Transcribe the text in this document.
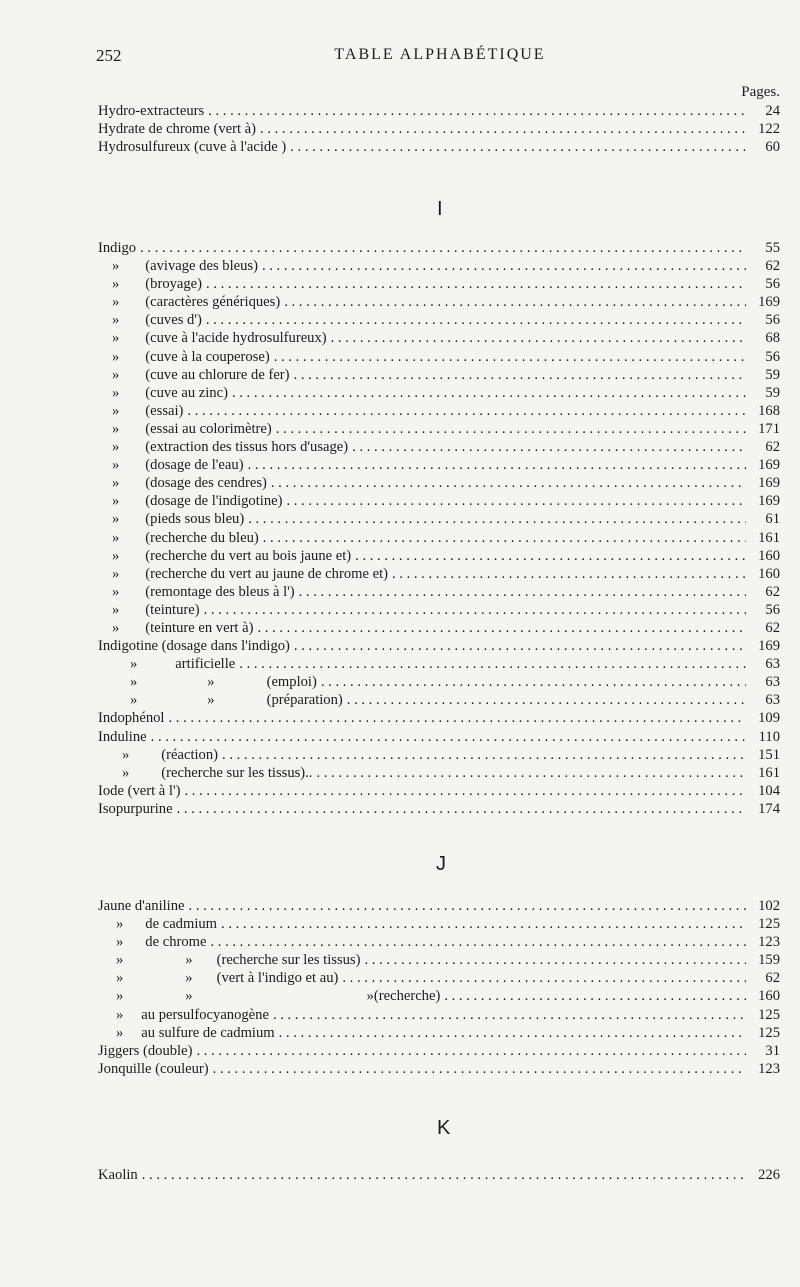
252	TABLE ALPHABÉTIQUE
Pages.
Hydro-extracteurs . . .	24
Hydrate de chrome (vert à) . . .	122
Hydrosulfureux (cuve à l'acide ) . . .	60
I
Indigo . . .	55
» (avivage des bleus) . . .	62
» (broyage) . . .	56
» (caractères génériques) . . .	169
» (cuves d') . . .	56
» (cuve à l'acide hydrosulfureux) . . .	68
» (cuve à la couperose) . . .	56
» (cuve au chlorure de fer) . . .	59
» (cuve au zinc) . . .	59
» (essai) . . .	168
» (essai au colorimètre) . . .	171
» (extraction des tissus hors d'usage) . . .	62
» (dosage de l'eau) . . .	169
» (dosage des cendres) . . .	169
» (dosage de l'indigotine) . . .	169
» (pieds sous bleu) . . .	61
» (recherche du bleu) . . .	161
» (recherche du vert au bois jaune et) . . .	160
» (recherche du vert au jaune de chrome et) . . .	160
» (remontage des bleus à l') . . .	62
» (teinture) . . .	56
» (teinture en vert à) . . .	62
Indigotine (dosage dans l'indigo) . . .	169
»	artificielle . . .	63
»	»	(emploi) . . .	63
»	»	(préparation) . . .	63
Indophénol . . .	109
Induline . . .	110
» (réaction) . . .	151
» (recherche sur les tissus).. . . .	161
Iode (vert à l') . . .	104
Isopurpurine . . .	174
J
Jaune d'aniline . . .	102
» de cadmium . . .	125
» de chrome . . .	123
»	» (recherche sur les tissus) . . .	159
»	» (vert à l'indigo et au) . . .	62
»	»	» (recherche) . . .	160
» au persulfocyanogène . . .	125
» au sulfure de cadmium . . .	125
Jiggers (double) . . .	31
Jonquille (couleur) . . .	123
K
Kaolin . . .	226
